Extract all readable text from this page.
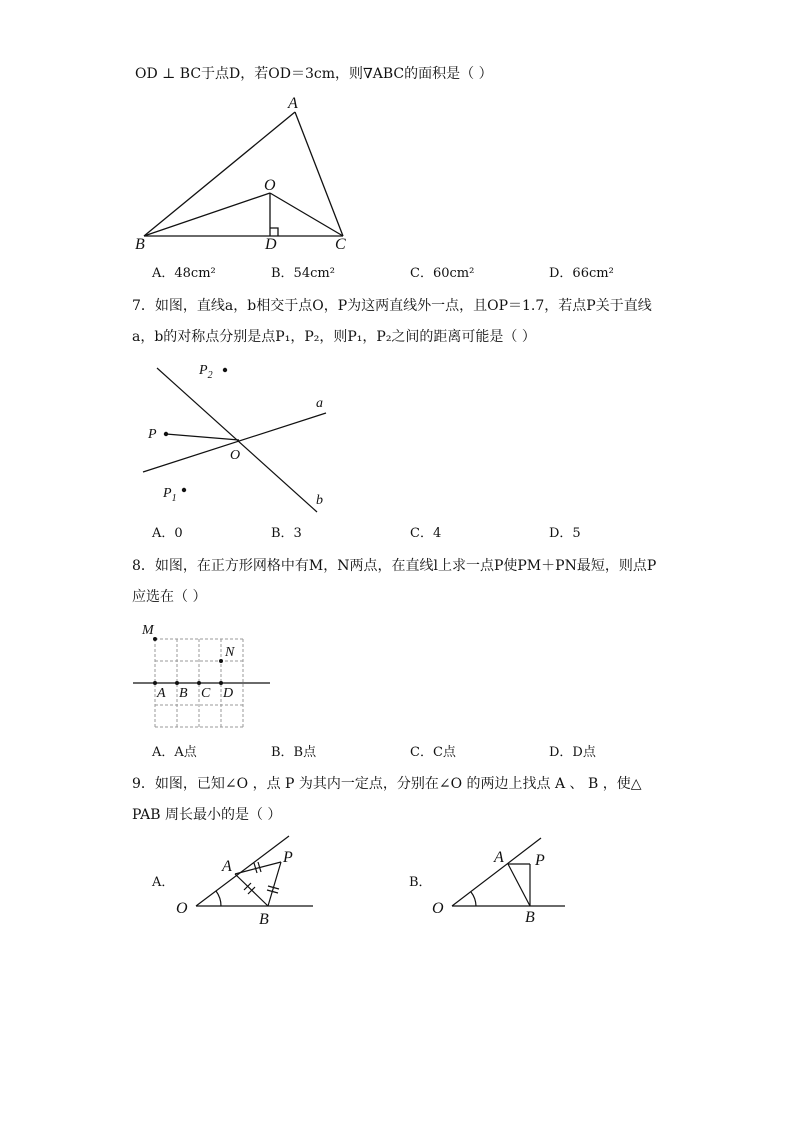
OD ⊥ BC于点D，若OD＝3cm，则∇ABC的面积是（ ）
A
O
B	D	C
A．48cm²	B．54cm²	C．60cm²	D．66cm²
7．如图，直线a，b相交于点O，P为这两直线外一点，且OP＝1.7，若点P关于直线
a，b的对称点分别是点P₁，P₂，则P₁，P₂之间的距离可能是（ ）
$P_2$
a
P
O
$P_1$	b
A．0	B．3	C．4	D．5
8．如图，在正方形网格中有M，N两点，在直线l上求一点P使PM＋PN最短，则点P
应选在（ ）
M
N
A B C D
A．A点	B．B点	C．C点	D．D点
9．如图，已知∠O ，点 P 为其内一定点，分别在∠O 的两边上找点 A 、 B ，使△
PAB 周长最小的是（ ）
A．	B．
O
A
P
B
O
A P
B
